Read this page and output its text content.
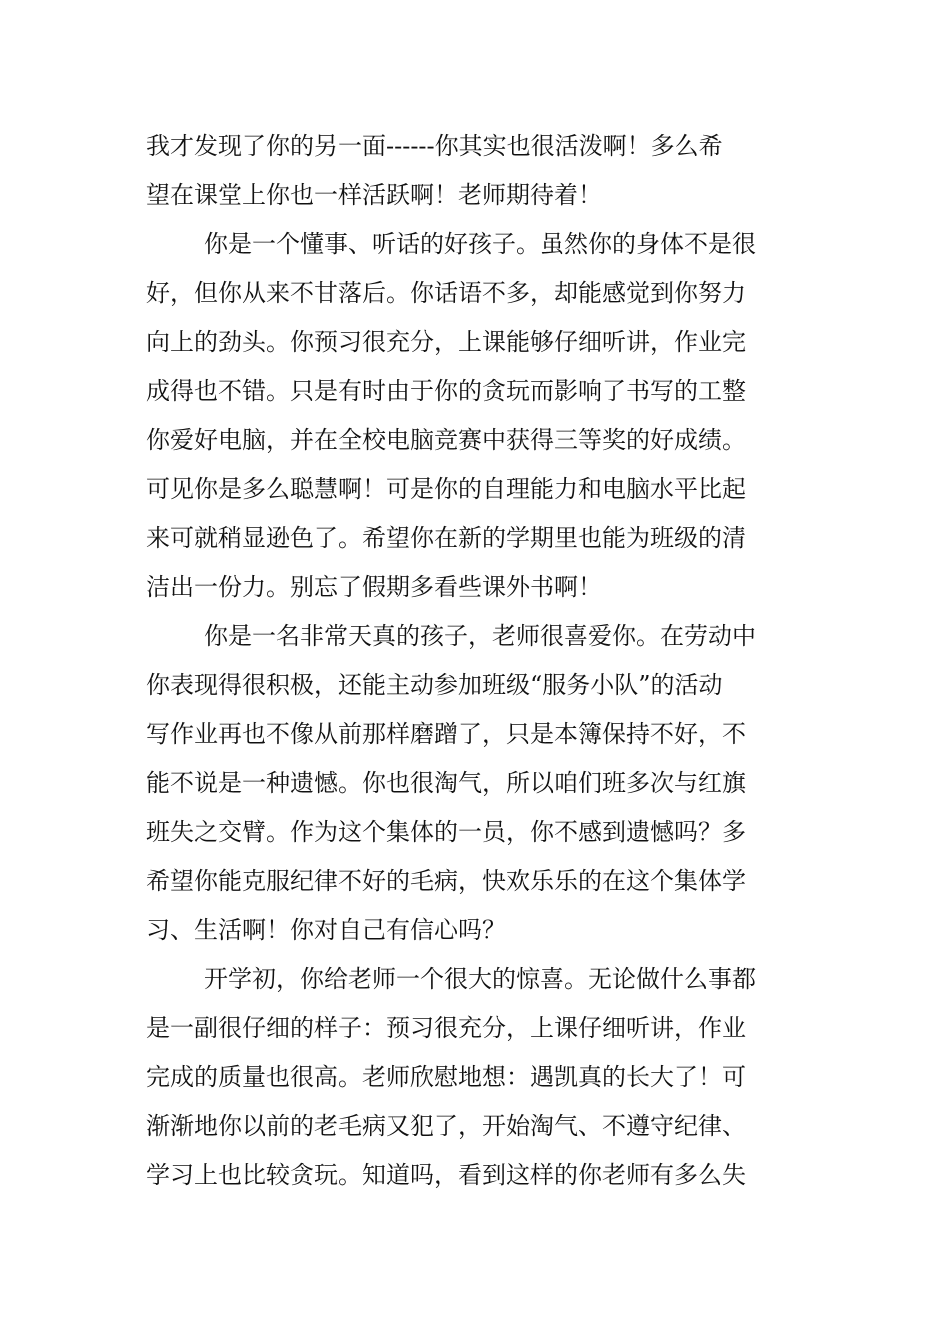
我才发现了你的另一面------你其实也很活泼啊！多么希
望在课堂上你也一样活跃啊！老师期待着！
你是一个懂事、听话的好孩子。虽然你的身体不是很
好，但你从来不甘落后。你话语不多，却能感觉到你努力
向上的劲头。你预习很充分，上课能够仔细听讲，作业完
成得也不错。只是有时由于你的贪玩而影响了书写的工整
你爱好电脑，并在全校电脑竞赛中获得三等奖的好成绩。
可见你是多么聪慧啊！可是你的自理能力和电脑水平比起
来可就稍显逊色了。希望你在新的学期里也能为班级的清
洁出一份力。别忘了假期多看些课外书啊！
你是一名非常天真的孩子，老师很喜爱你。在劳动中
你表现得很积极，还能主动参加班级“服务小队”的活动
写作业再也不像从前那样磨蹭了，只是本簿保持不好，不
能不说是一种遗憾。你也很淘气，所以咱们班多次与红旗
班失之交臂。作为这个集体的一员，你不感到遗憾吗？多
希望你能克服纪律不好的毛病，快欢乐乐的在这个集体学
习、生活啊！你对自己有信心吗？
开学初，你给老师一个很大的惊喜。无论做什么事都
是一副很仔细的样子：预习很充分，上课仔细听讲，作业
完成的质量也很高。老师欣慰地想：遇凯真的长大了！可
渐渐地你以前的老毛病又犯了，开始淘气、不遵守纪律、
学习上也比较贪玩。知道吗，看到这样的你老师有多么失
